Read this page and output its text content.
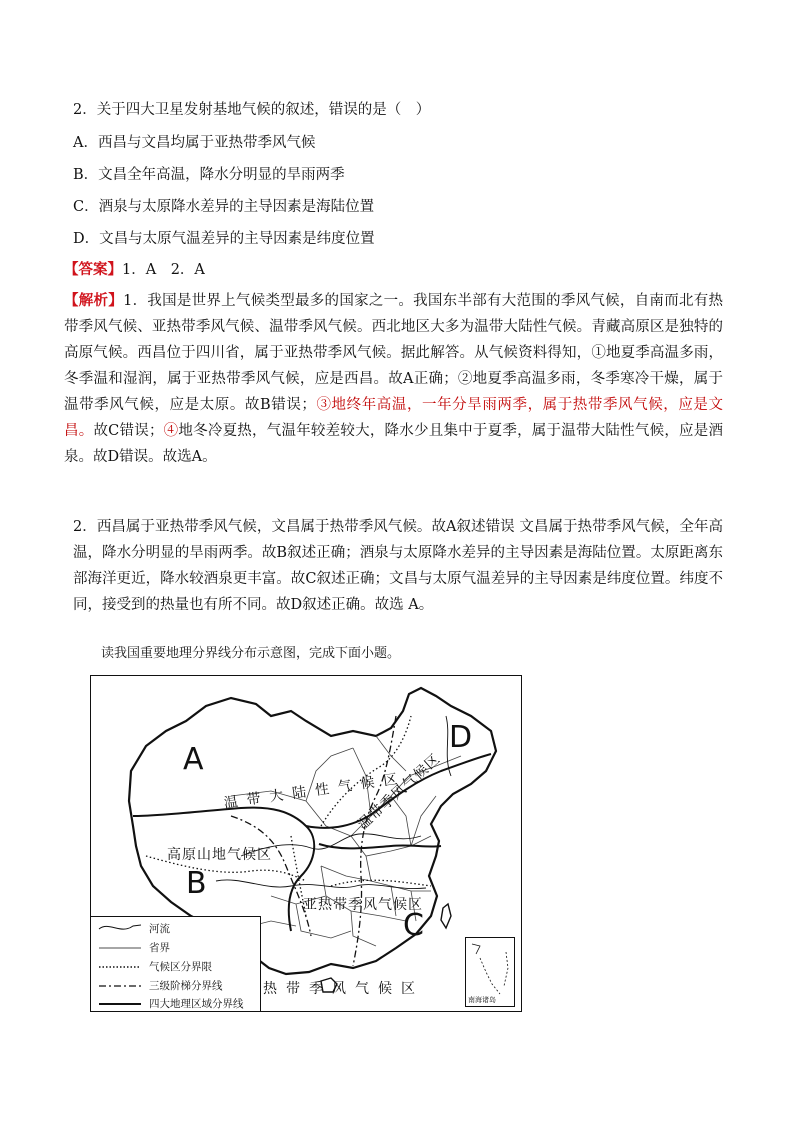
2．关于四大卫星发射基地气候的叙述，错误的是（　）
A．西昌与文昌均属于亚热带季风气候
B．文昌全年高温，降水分明显的旱雨两季
C．酒泉与太原降水差异的主导因素是海陆位置
D．文昌与太原气温差异的主导因素是纬度位置
【答案】1．A　2．A
【解析】1．我国是世界上气候类型最多的国家之一。我国东半部有大范围的季风气候，自南而北有热带季风气候、亚热带季风气候、温带季风气候。西北地区大多为温带大陆性气候。青藏高原区是独特的高原气候。西昌位于四川省，属于亚热带季风气候。据此解答。从气候资料得知，①地夏季高温多雨，冬季温和湿润，属于亚热带季风气候，应是西昌。故A正确；②地夏季高温多雨，冬季寒冷干燥，属于温带季风气候，应是太原。故B错误；③地终年高温，一年分旱雨两季，属于热带季风气候，应是文昌。故C错误；④地冬冷夏热，气温年较差较大，降水少且集中于夏季，属于温带大陆性气候，应是酒泉。故D错误。故选A。
2．西昌属于亚热带季风气候，文昌属于热带季风气候。故A叙述错误 文昌属于热带季风气候，全年高温，降水分明显的旱雨两季。故B叙述正确；酒泉与太原降水差异的主导因素是海陆位置。太原距离东部海洋更近，降水较酒泉更丰富。故C叙述正确；文昌与太原气温差异的主导因素是纬度位置。纬度不同，接受到的热量也有所不同。故D叙述正确。故选 A。
读我国重要地理分界线分布示意图，完成下面小题。
A
B
C
D
温带大陆性气候区
高原山地气候区
温带季风气候区
亚热带季风气候区
热带季风气候区
河流
省界
气候区分界限
三级阶梯分界线
四大地理区域分界线	南海诸岛
